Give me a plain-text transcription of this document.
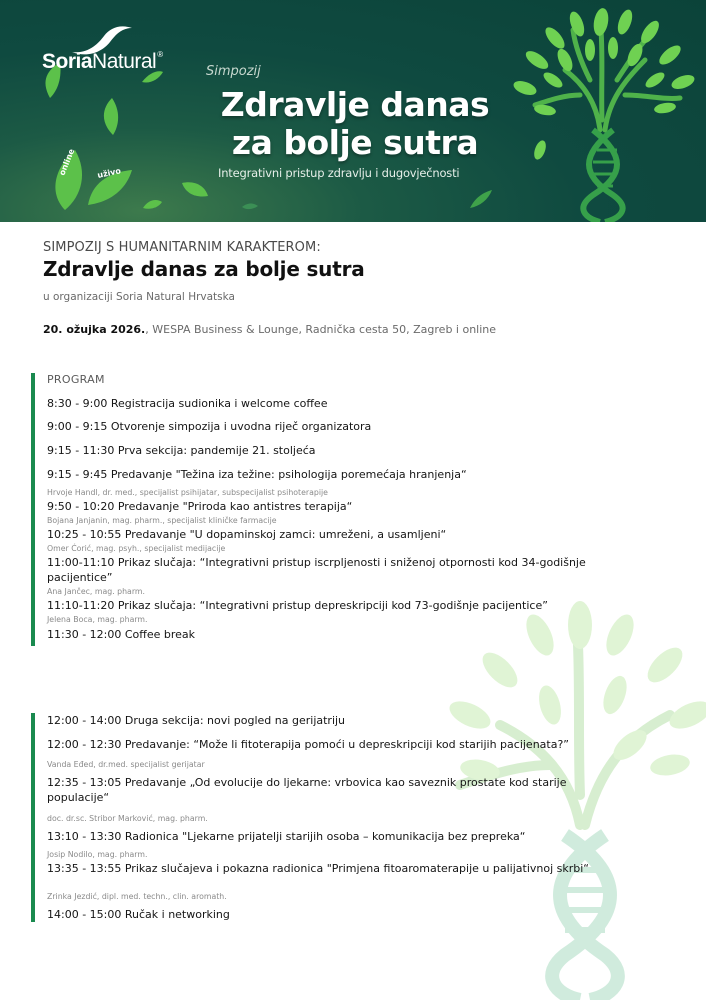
online	uživo
SoriaNatural®
Simpozij
Zdravlje danas
za bolje sutra
Integrativni pristup zdravlju i dugovječnosti
SIMPOZIJ S HUMANITARNIM KARAKTEROM:
Zdravlje danas za bolje sutra
u organizaciji Soria Natural Hrvatska
20. ožujka 2026., WESPA Business & Lounge, Radnička cesta 50, Zagreb i online
PROGRAM
8:30 - 9:00 Registracija sudionika i welcome coffee
9:00 - 9:15 Otvorenje simpozija i uvodna riječ organizatora
9:15 - 11:30 Prva sekcija: pandemije 21. stoljeća
9:15 - 9:45 Predavanje "Težina iza težine: psihologija poremećaja hranjenja“
Hrvoje Handl, dr. med., specijalist psihijatar, subspecijalist psihoterapije
9:50 - 10:20 Predavanje "Priroda kao antistres terapija“
Bojana Janjanin, mag. pharm., specijalist kliničke farmacije
10:25 - 10:55 Predavanje "U dopaminskoj zamci: umreženi, a usamljeni“
Omer Ćorić, mag. psyh., specijalist medijacije
11:00-11:10 Prikaz slučaja: “Integrativni pristup iscrpljenosti i sniženoj otpornosti kod 34-godišnje pacijentice”
Ana Jančec, mag. pharm.
11:10-11:20 Prikaz slučaja: “Integrativni pristup depreskripciji kod 73-godišnje pacijentice”
Jelena Boca, mag. pharm.
11:30 - 12:00 Coffee break
12:00 - 14:00 Druga sekcija: novi pogled na gerijatriju
12:00 - 12:30 Predavanje: “Može li fitoterapija pomoći u depreskripciji kod starijih pacijenata?”
Vanda Eđed, dr.med. specijalist gerijatar
12:35 - 13:05 Predavanje „Od evolucije do ljekarne: vrbovica kao saveznik prostate kod starije populacije“
doc. dr.sc. Stribor Marković, mag. pharm.
13:10 - 13:30 Radionica "Ljekarne prijatelji starijih osoba – komunikacija bez prepreka“
Josip Nodilo, mag. pharm.
13:35 - 13:55 Prikaz slučajeva i pokazna radionica "Primjena fitoaromaterapije u palijativnoj skrbi“
Zrinka Jezdić, dipl. med. techn., clin. aromath.
14:00 - 15:00 Ručak i networking
